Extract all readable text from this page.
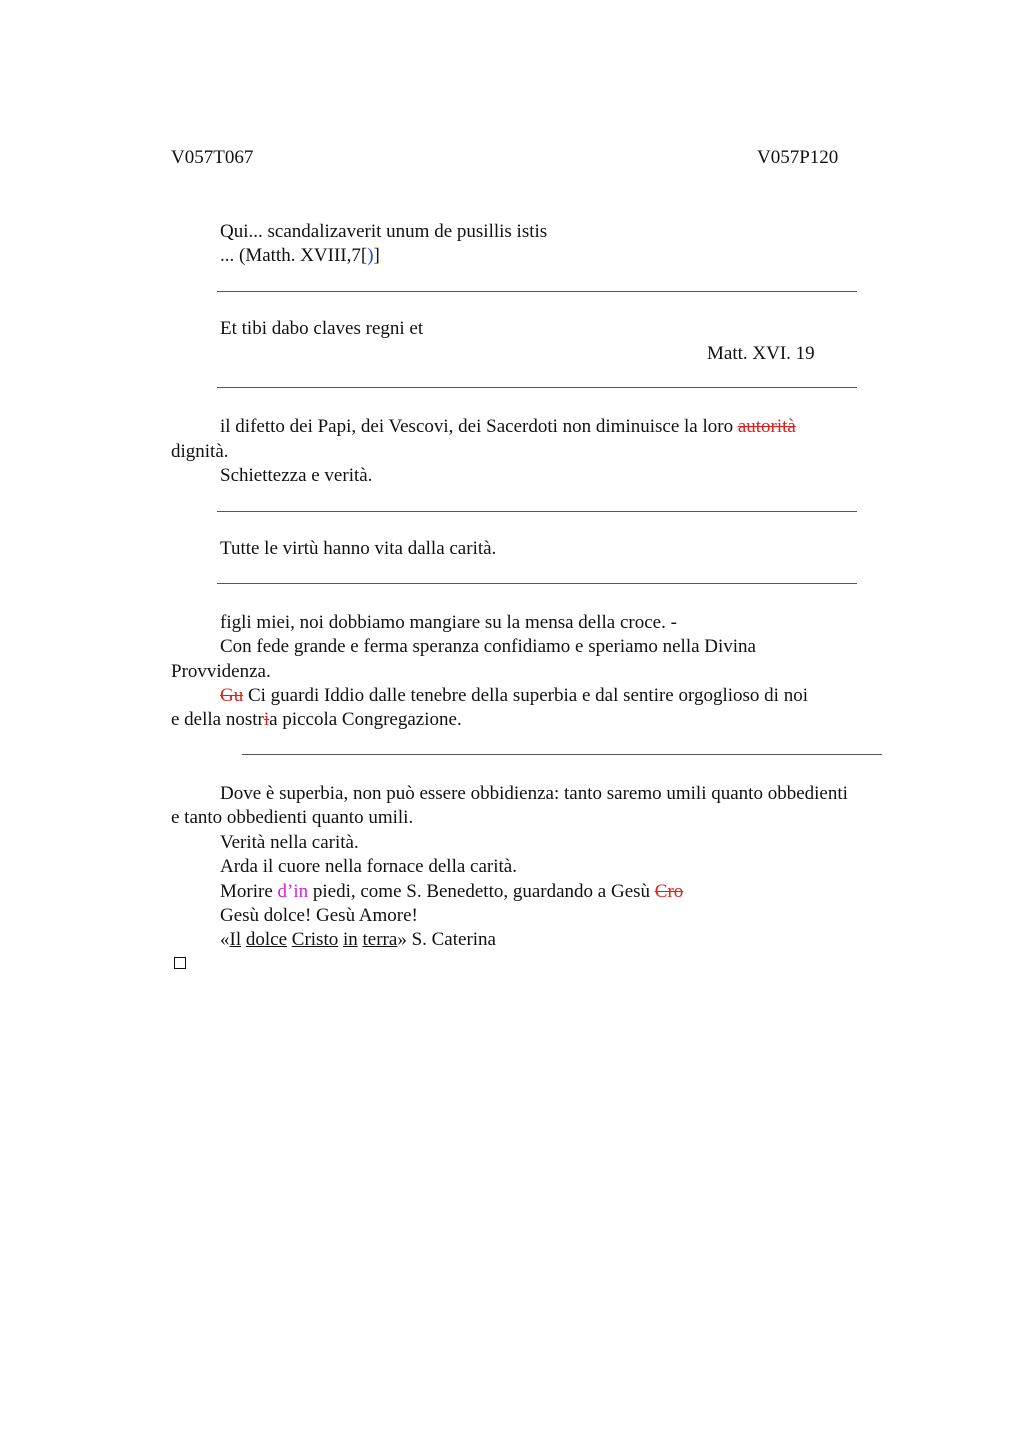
V057T067	V057P120
Qui... scandalizaverit unum de pusillis istis
... (Matth. XVIII,7[)]
Et tibi dabo claves regni et
Matt. XVI. 19
il difetto dei Papi, dei Vescovi, dei Sacerdoti non diminuisce la loro autorità
dignità.
Schiettezza e verità.
Tutte le virtù hanno vita dalla carità.
figli miei, noi dobbiamo mangiare su la mensa della croce. -
Con fede grande e ferma speranza confidiamo e speriamo nella Divina
Provvidenza.
Gu Ci guardi Iddio dalle tenebre della superbia e dal sentire orgoglioso di noi
e della nostria piccola Congregazione.
Dove è superbia, non può essere obbidienza: tanto saremo umili quanto obbedienti
e tanto obbedienti quanto umili.
Verità nella carità.
Arda il cuore nella fornace della carità.
Morire d’in piedi, come S. Benedetto, guardando a Gesù Cro
Gesù dolce! Gesù Amore!
«Il dolce Cristo in terra» S. Caterina
